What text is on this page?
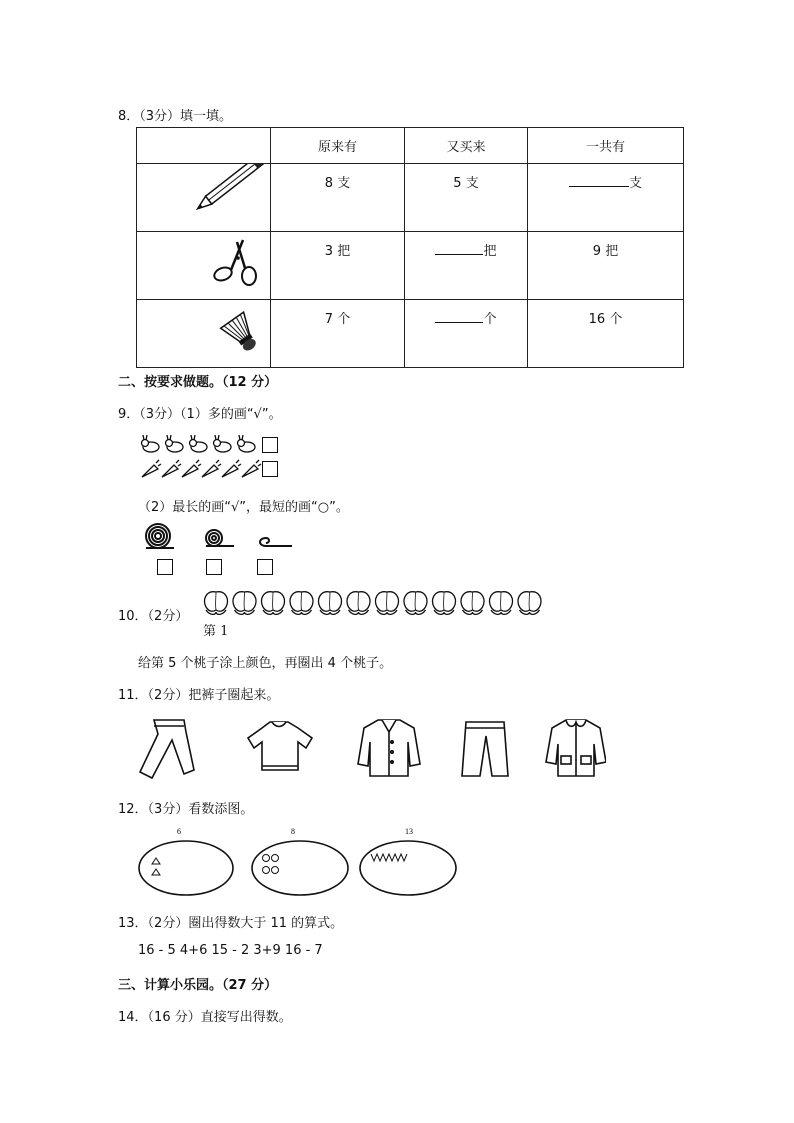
8．（3分）填一填。
	原来有	又买来	一共有
	8 支	5 支	支
	3 把	把	9 把
	7 个	个	16 个
二、按要求做题。（12 分）
9．（3分）（1）多的画“√”。
（2）最长的画“√”，最短的画“○”。
10．（2分）
第 1
给第 5 个桃子涂上颜色，再圈出 4 个桃子。
11．（2分）把裤子圈起来。
12．（3分）看数添图。
6	8	13
13．（2分）圈出得数大于 11 的算式。
16 - 5 4+6 15 - 2 3+9 16 - 7
三、计算小乐园。（27 分）
14．（16 分）直接写出得数。
